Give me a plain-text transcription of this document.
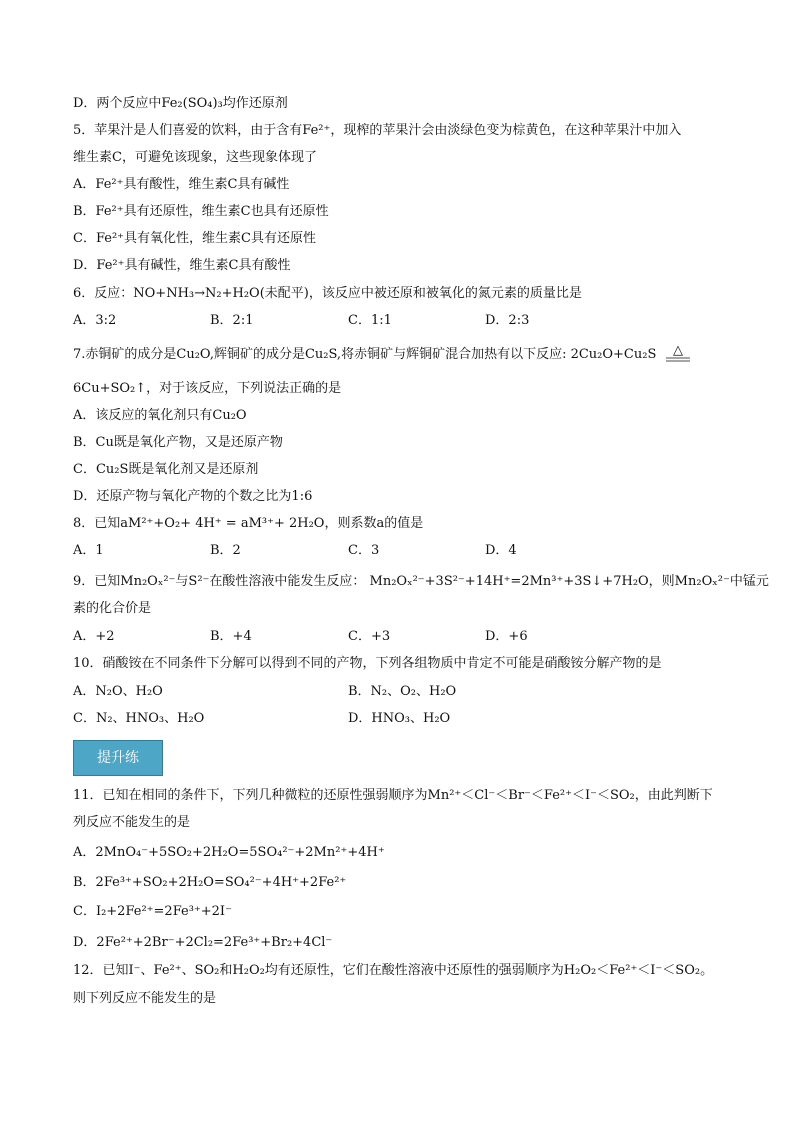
D．两个反应中Fe₂(SO₄)₃均作还原剂
5．苹果汁是人们喜爱的饮料，由于含有Fe²⁺，现榨的苹果汁会由淡绿色变为棕黄色，在这种苹果汁中加入
维生素C，可避免该现象，这些现象体现了
A．Fe²⁺具有酸性，维生素C具有碱性
B．Fe²⁺具有还原性，维生素C也具有还原性
C．Fe²⁺具有氧化性，维生素C具有还原性
D．Fe²⁺具有碱性，维生素C具有酸性
6．反应：NO+NH₃→N₂+H₂O(未配平)，该反应中被还原和被氧化的氮元素的质量比是
A．3:2	B．2:1	C．1:1	D．2:3
7.赤铜矿的成分是Cu₂O,辉铜矿的成分是Cu₂S,将赤铜矿与辉铜矿混合加热有以下反应: 2Cu₂O+Cu₂S △
6Cu+SO₂↑，对于该反应，下列说法正确的是
A．该反应的氧化剂只有Cu₂O
B．Cu既是氧化产物，又是还原产物
C．Cu₂S既是氧化剂又是还原剂
D．还原产物与氧化产物的个数之比为1:6
8．已知aM²⁺+O₂+ 4H⁺ = aM³⁺+ 2H₂O，则系数a的值是
A．1	B．2	C．3	D．4
9．已知Mn₂Oₓ²⁻与S²⁻在酸性溶液中能发生反应： Mn₂Oₓ²⁻+3S²⁻+14H⁺=2Mn³⁺+3S↓+7H₂O，则Mn₂Oₓ²⁻中锰元
素的化合价是
A．+2	B．+4	C．+3	D．+6
10．硝酸铵在不同条件下分解可以得到不同的产物，下列各组物质中肯定不可能是硝酸铵分解产物的是
A．N₂O、H₂O	B．N₂、O₂、H₂O
C．N₂、HNO₃、H₂O	D．HNO₃、H₂O
提升练
11．已知在相同的条件下，下列几种微粒的还原性强弱顺序为Mn²⁺＜Cl⁻＜Br⁻＜Fe²⁺＜I⁻＜SO₂，由此判断下
列反应不能发生的是
A．2MnO₄⁻+5SO₂+2H₂O=5SO₄²⁻+2Mn²⁺+4H⁺
B．2Fe³⁺+SO₂+2H₂O=SO₄²⁻+4H⁺+2Fe²⁺
C．I₂+2Fe²⁺=2Fe³⁺+2I⁻
D．2Fe²⁺+2Br⁻+2Cl₂=2Fe³⁺+Br₂+4Cl⁻
12．已知I⁻、Fe²⁺、SO₂和H₂O₂均有还原性，它们在酸性溶液中还原性的强弱顺序为H₂O₂＜Fe²⁺＜I⁻＜SO₂。
则下列反应不能发生的是
